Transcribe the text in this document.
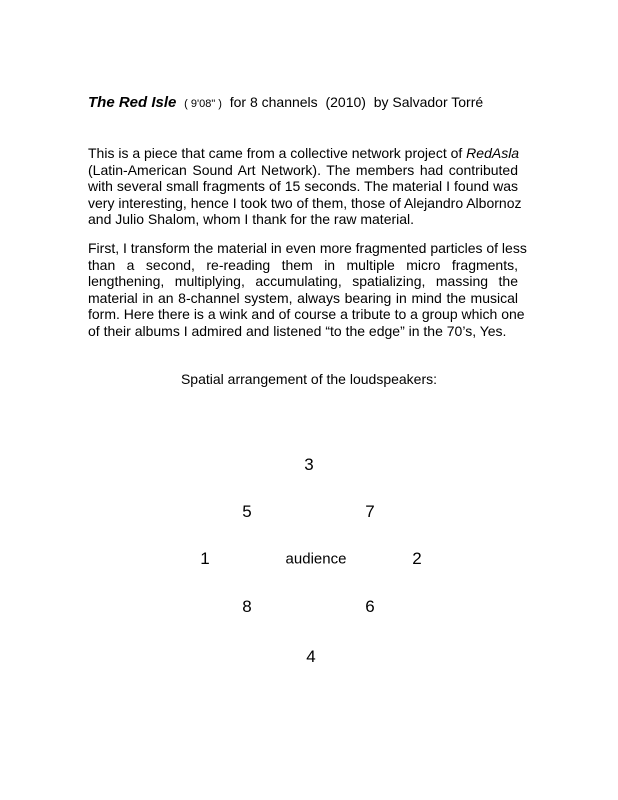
The Red Isle ( 9'08" ) for 8 channels (2010) by Salvador Torré
This is a piece that came from a collective network project of RedAsla
(Latin-American Sound Art Network). The members had contributed
with several small fragments of 15 seconds. The material I found was
very interesting, hence I took two of them, those of Alejandro Albornoz
and Julio Shalom, whom I thank for the raw material.
First, I transform the material in even more fragmented particles of less
than a second, re-reading them in multiple micro fragments,
lengthening, multiplying, accumulating, spatializing, massing the
material in an 8-channel system, always bearing in mind the musical
form. Here there is a wink and of course a tribute to a group which one
of their albums I admired and listened “to the edge” in the 70’s, Yes.
Spatial arrangement of the loudspeakers:
3
5	7
1	audience	2
8	6
4
